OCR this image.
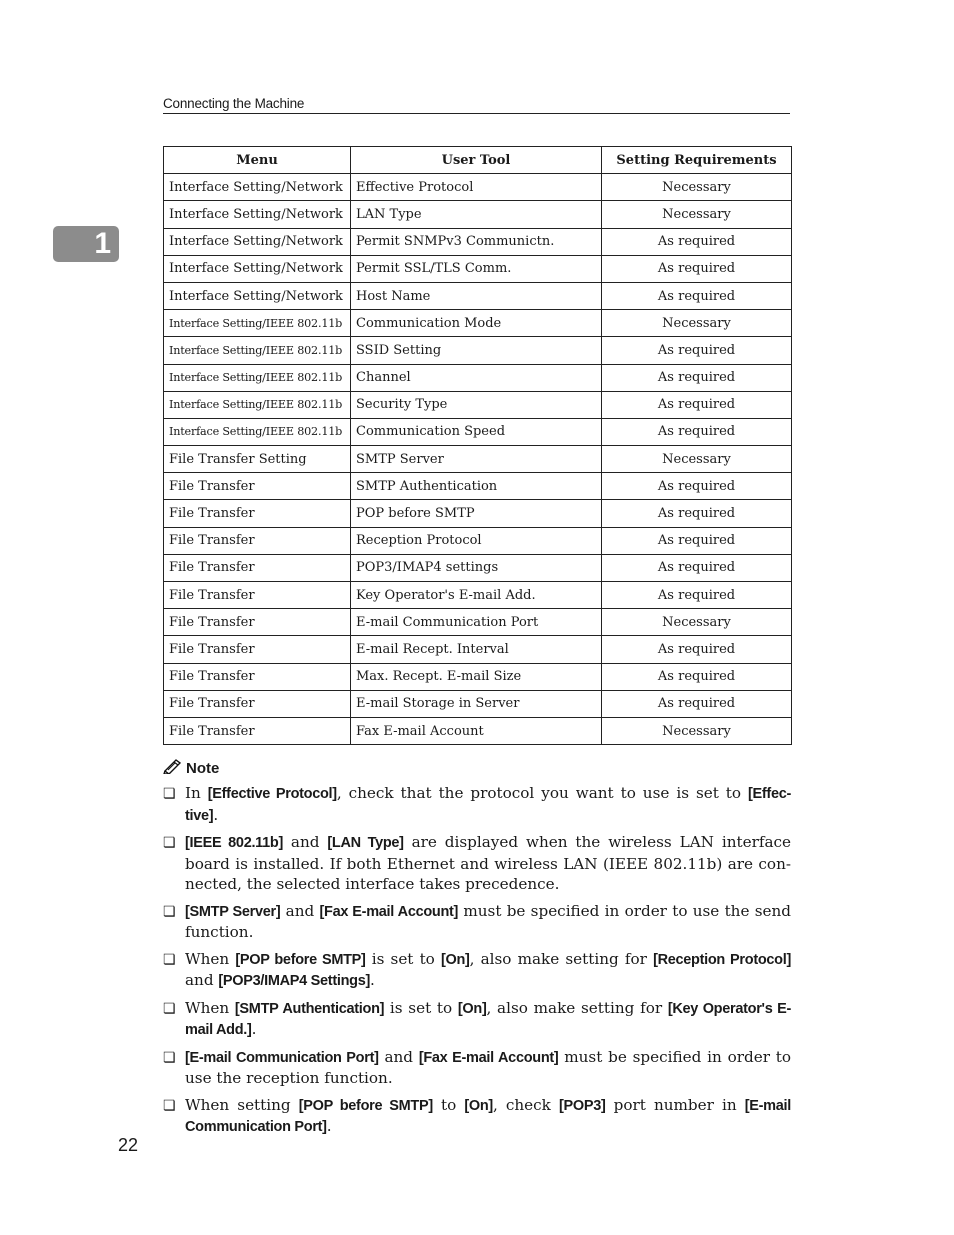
Connecting the Machine
1
Menu	User Tool	Setting Requirements
Interface Setting/Network	Effective Protocol	Necessary
Interface Setting/Network	LAN Type	Necessary
Interface Setting/Network	Permit SNMPv3 Communictn.	As required
Interface Setting/Network	Permit SSL/TLS Comm.	As required
Interface Setting/Network	Host Name	As required
Interface Setting/IEEE 802.11b	Communication Mode	Necessary
Interface Setting/IEEE 802.11b	SSID Setting	As required
Interface Setting/IEEE 802.11b	Channel	As required
Interface Setting/IEEE 802.11b	Security Type	As required
Interface Setting/IEEE 802.11b	Communication Speed	As required
File Transfer Setting	SMTP Server	Necessary
File Transfer	SMTP Authentication	As required
File Transfer	POP before SMTP	As required
File Transfer	Reception Protocol	As required
File Transfer	POP3/IMAP4 settings	As required
File Transfer	Key Operator's E-mail Add.	As required
File Transfer	E-mail Communication Port	Necessary
File Transfer	E-mail Recept. Interval	As required
File Transfer	Max. Recept. E-mail Size	As required
File Transfer	E-mail Storage in Server	As required
File Transfer	Fax E-mail Account	Necessary
Note
❏ In [Effective Protocol], check that the protocol you want to use is set to [Effec-tive].
❏ [IEEE 802.11b] and [LAN Type] are displayed when the wireless LAN interface board is installed. If both Ethernet and wireless LAN (IEEE 802.11b) are con-nected, the selected interface takes precedence.
❏ [SMTP Server] and [Fax E-mail Account] must be specified in order to use the send function.
❏ When [POP before SMTP] is set to [On], also make setting for [Reception Protocol] and [POP3/IMAP4 Settings].
❏ When [SMTP Authentication] is set to [On], also make setting for [Key Operator's E-mail Add.].
❏ [E-mail Communication Port] and [Fax E-mail Account] must be specified in order to use the reception function.
❏ When setting [POP before SMTP] to [On], check [POP3] port number in [E-mail Communication Port].
22
